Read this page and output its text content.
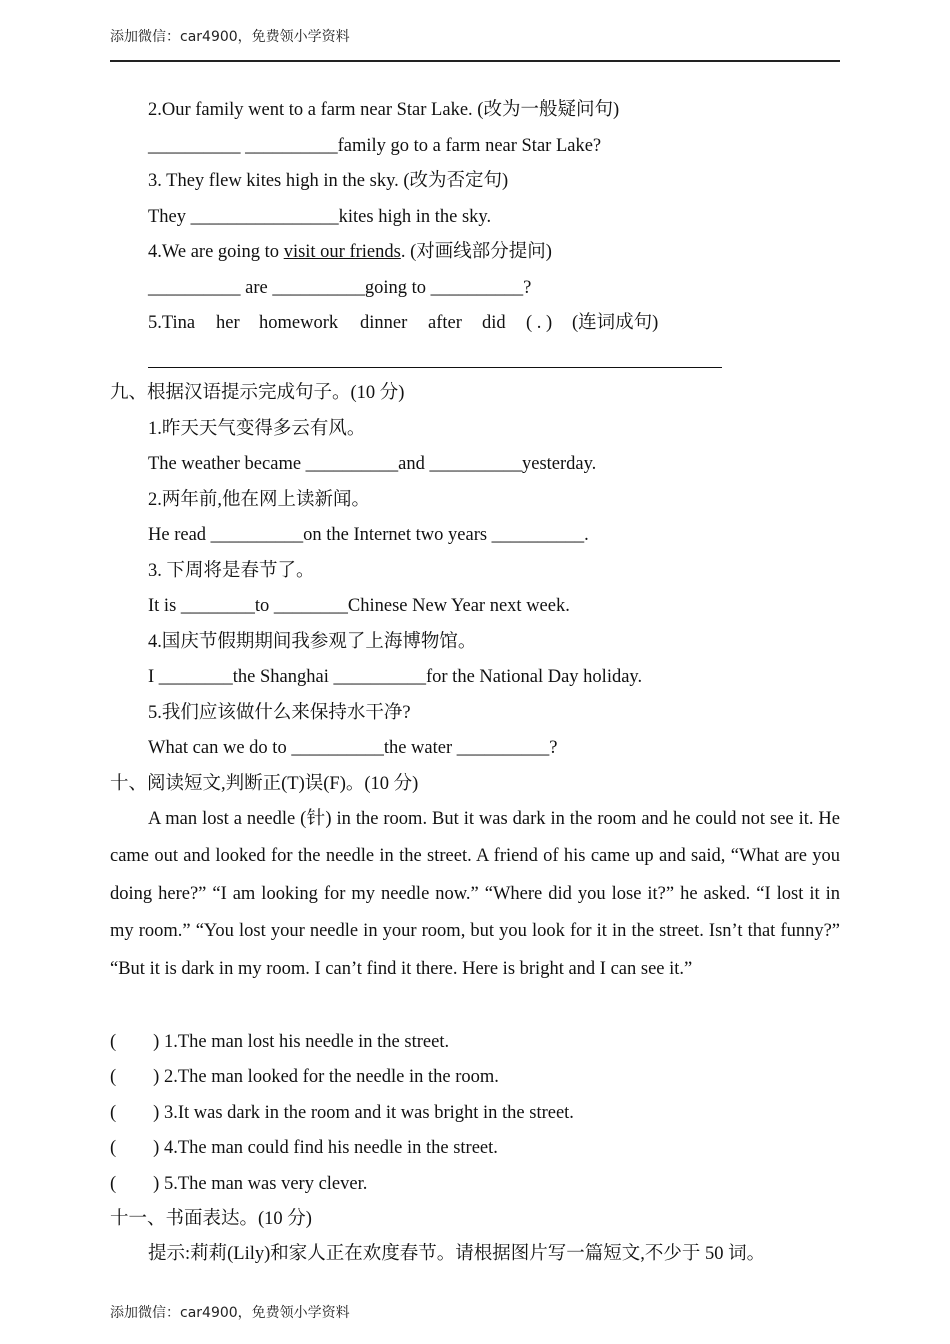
添加微信：car4900，免费领小学资料
2.Our family went to a farm near Star Lake. (改为一般疑问句)
__________ __________family go to a farm near Star Lake?
3. They flew kites high in the sky. (改为否定句)
They ________________kites high in the sky.
4.We are going to visit our friends. (对画线部分提问)
__________ are __________going to __________?
5.Tina her homework dinner after did ( . ) (连词成句)
九、根据汉语提示完成句子。(10 分)
1.昨天天气变得多云有风。
The weather became __________and __________yesterday.
2.两年前,他在网上读新闻。
He read __________on the Internet two years __________.
3. 下周将是春节了。
It is ________to ________Chinese New Year next week.
4.国庆节假期期间我参观了上海博物馆。
I ________the Shanghai __________for the National Day holiday.
5.我们应该做什么来保持水干净?
What can we do to __________the water __________?
十、阅读短文,判断正(T)误(F)。(10 分)
A man lost a needle (针) in the room. But it was dark in the room and he could not see it. He came out and looked for the needle in the street. A friend of his came up and said, “What are you doing here?” “I am looking for my needle now.” “Where did you lose it?” he asked. “I lost it in my room.” “You lost your needle in your room, but you look for it in the street. Isn’t that funny?” “But it is dark in my room. I can’t find it there. Here is bright and I can see it.”
(        ) 1.The man lost his needle in the street.
(        ) 2.The man looked for the needle in the room.
(        ) 3.It was dark in the room and it was bright in the street.
(        ) 4.The man could find his needle in the street.
(        ) 5.The man was very clever.
十一、书面表达。(10 分)
提示:莉莉(Lily)和家人正在欢度春节。请根据图片写一篇短文,不少于 50 词。
添加微信：car4900，免费领小学资料
